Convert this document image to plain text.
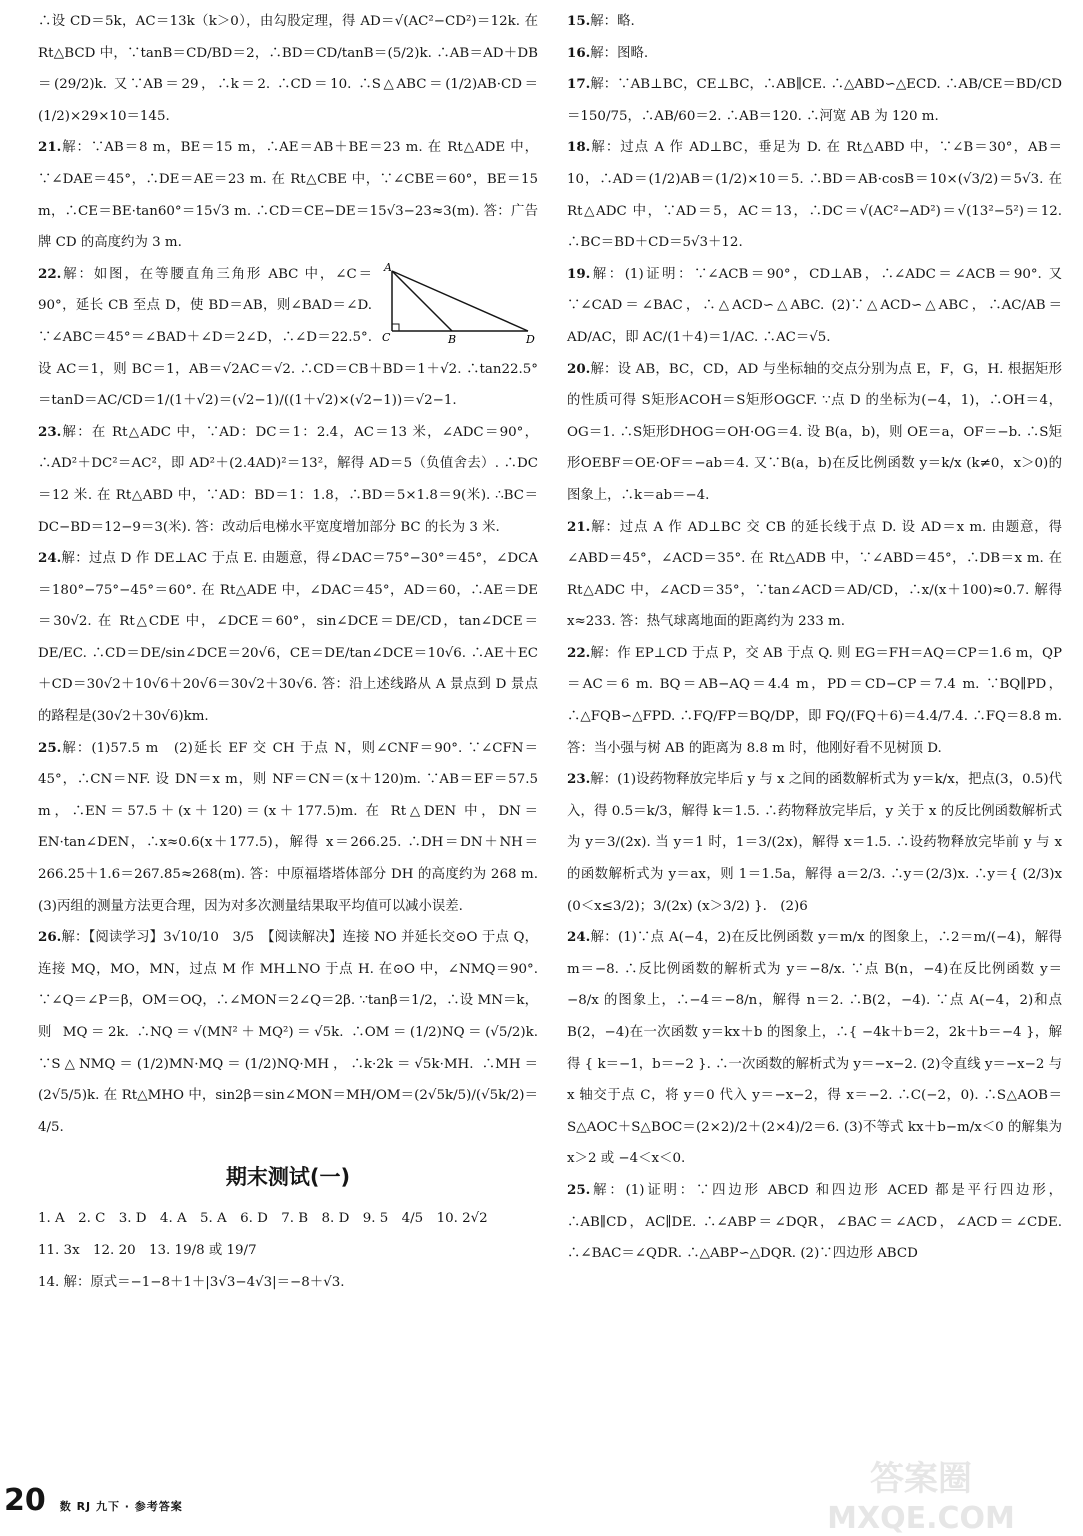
∴设 CD＝5k，AC＝13k（k＞0），由勾股定理，得 AD＝√(AC²−CD²)＝12k. 在 Rt△BCD 中，∵tanB＝CD/BD＝2，∴BD＝CD/tanB＝(5/2)k. ∴AB＝AD＋DB＝(29/2)k. 又∵AB＝29，∴k＝2. ∴CD＝10. ∴S△ABC＝(1/2)AB·CD＝(1/2)×29×10＝145.

21.解：∵AB＝8 m，BE＝15 m，∴AE＝AB＋BE＝23 m. 在 Rt△ADE 中，∵∠DAE＝45°，∴DE＝AE＝23 m. 在 Rt△CBE 中，∵∠CBE＝60°，BE＝15 m，∴CE＝BE·tan60°＝15√3 m. ∴CD＝CE−DE＝15√3−23≈3(m). 答：广告牌 CD 的高度约为 3 m.

A
C	B	D
22.解：如图，在等腰直角三角形 ABC 中，∠C＝90°，延长 CB 至点 D，使 BD＝AB，则∠BAD＝∠D. ∵∠ABC＝45°＝∠BAD＋∠D＝2∠D，∴∠D＝22.5°. 设 AC＝1，则 BC＝1，AB＝√2AC＝√2. ∴CD＝CB＋BD＝1＋√2. ∴tan22.5°＝tanD＝AC/CD＝1/(1＋√2)＝(√2−1)/((1＋√2)×(√2−1))＝√2−1.

23.解：在 Rt△ADC 中，∵AD：DC＝1：2.4，AC＝13 米，∠ADC＝90°，∴AD²＋DC²＝AC²，即 AD²＋(2.4AD)²＝13²，解得 AD＝5（负值舍去）. ∴DC＝12 米. 在 Rt△ABD 中，∵AD：BD＝1：1.8，∴BD＝5×1.8＝9(米). ∴BC＝DC−BD＝12−9＝3(米). 答：改动后电梯水平宽度增加部分 BC 的长为 3 米.

24.解：过点 D 作 DE⊥AC 于点 E. 由题意，得∠DAC＝75°−30°＝45°，∠DCA＝180°−75°−45°＝60°. 在 Rt△ADE 中，∠DAC＝45°，AD＝60，∴AE＝DE＝30√2. 在 Rt△CDE 中，∠DCE＝60°，sin∠DCE＝DE/CD，tan∠DCE＝DE/EC. ∴CD＝DE/sin∠DCE＝20√6，CE＝DE/tan∠DCE＝10√6. ∴AE＋EC＋CD＝30√2＋10√6＋20√6＝30√2＋30√6. 答：沿上述线路从 A 景点到 D 景点的路程是(30√2＋30√6)km.

25.解：(1)57.5 m　(2)延长 EF 交 CH 于点 N，则∠CNF＝90°. ∵∠CFN＝45°，∴CN＝NF. 设 DN＝x m，则 NF＝CN＝(x＋120)m. ∵AB＝EF＝57.5 m，∴EN＝57.5＋(x＋120)＝(x＋177.5)m. 在 Rt△DEN 中，DN＝EN·tan∠DEN，∴x≈0.6(x＋177.5)，解得 x＝266.25. ∴DH＝DN＋NH＝266.25＋1.6＝267.85≈268(m). 答：中原福塔塔体部分 DH 的高度约为 268 m. (3)丙组的测量方法更合理，因为对多次测量结果取平均值可以减小误差.

26.解：【阅读学习】3√10/10　3/5　【阅读解决】连接 NO 并延长交⊙O 于点 Q，连接 MQ，MO，MN，过点 M 作 MH⊥NO 于点 H. 在⊙O 中，∠NMQ＝90°. ∵∠Q＝∠P＝β，OM＝OQ，∴∠MON＝2∠Q＝2β. ∵tanβ＝1/2，∴设 MN＝k，则 MQ＝2k. ∴NQ＝√(MN²＋MQ²)＝√5k. ∴OM＝(1/2)NQ＝(√5/2)k. ∵S△NMQ＝(1/2)MN·MQ＝(1/2)NQ·MH，∴k·2k＝√5k·MH. ∴MH＝(2√5/5)k. 在 Rt△MHO 中，sin2β＝sin∠MON＝MH/OM＝(2√5k/5)/(√5k/2)＝4/5.

期末测试(一)

1. A　2. C　3. D　4. A　5. A　6. D　7. B　8. D　9. 5　4/5　10. 2√2

11. 3x　12. 20　13. 19/8 或 19/7

14. 解：原式＝−1−8＋1＋|3√3−4√3|＝−8＋√3.

15.解：略.

16.解：图略.

17.解：∵AB⊥BC，CE⊥BC，∴AB∥CE. ∴△ABD∽△ECD. ∴AB/CE＝BD/CD＝150/75，∴AB/60＝2. ∴AB＝120. ∴河宽 AB 为 120 m.

18.解：过点 A 作 AD⊥BC，垂足为 D. 在 Rt△ABD 中，∵∠B＝30°，AB＝10，∴AD＝(1/2)AB＝(1/2)×10＝5. ∴BD＝AB·cosB＝10×(√3/2)＝5√3. 在 Rt△ADC 中，∵AD＝5，AC＝13，∴DC＝√(AC²−AD²)＝√(13²−5²)＝12. ∴BC＝BD＋CD＝5√3＋12.

19.解：(1)证明：∵∠ACB＝90°，CD⊥AB，∴∠ADC＝∠ACB＝90°. 又∵∠CAD＝∠BAC，∴△ACD∽△ABC. (2)∵△ACD∽△ABC，∴AC/AB＝AD/AC，即 AC/(1＋4)＝1/AC. ∴AC＝√5.

20.解：设 AB，BC，CD，AD 与坐标轴的交点分别为点 E，F，G，H. 根据矩形的性质可得 S矩形ACOH＝S矩形OGCF. ∵点 D 的坐标为(−4，1)，∴OH＝4，OG＝1. ∴S矩形DHOG＝OH·OG＝4. 设 B(a，b)，则 OE＝a，OF＝−b. ∴S矩形OEBF＝OE·OF＝−ab＝4. 又∵B(a，b)在反比例函数 y＝k/x (k≠0，x＞0)的图象上，∴k＝ab＝−4.

21.解：过点 A 作 AD⊥BC 交 CB 的延长线于点 D. 设 AD＝x m. 由题意，得∠ABD＝45°，∠ACD＝35°. 在 Rt△ADB 中，∵∠ABD＝45°，∴DB＝x m. 在 Rt△ADC 中，∠ACD＝35°，∵tan∠ACD＝AD/CD，∴x/(x＋100)≈0.7. 解得 x≈233. 答：热气球离地面的距离约为 233 m.

22.解：作 EP⊥CD 于点 P，交 AB 于点 Q. 则 EG＝FH＝AQ＝CP＝1.6 m，QP＝AC＝6 m. BQ＝AB−AQ＝4.4 m，PD＝CD−CP＝7.4 m. ∵BQ∥PD，∴△FQB∽△FPD. ∴FQ/FP＝BQ/DP，即 FQ/(FQ＋6)＝4.4/7.4. ∴FQ＝8.8 m. 答：当小强与树 AB 的距离为 8.8 m 时，他刚好看不见树顶 D.

23.解：(1)设药物释放完毕后 y 与 x 之间的函数解析式为 y＝k/x，把点(3，0.5)代入，得 0.5＝k/3，解得 k＝1.5. ∴药物释放完毕后，y 关于 x 的反比例函数解析式为 y＝3/(2x). 当 y＝1 时，1＝3/(2x)，解得 x＝1.5. ∴设药物释放完毕前 y 与 x 的函数解析式为 y＝ax，则 1＝1.5a，解得 a＝2/3. ∴y＝(2/3)x. ∴y＝{ (2/3)x (0＜x≤3/2)；3/(2x) (x＞3/2) }.　(2)6

24.解：(1)∵点 A(−4，2)在反比例函数 y＝m/x 的图象上，∴2＝m/(−4)，解得 m＝−8. ∴反比例函数的解析式为 y＝−8/x. ∵点 B(n，−4)在反比例函数 y＝−8/x 的图象上，∴−4＝−8/n，解得 n＝2. ∴B(2，−4). ∵点 A(−4，2)和点 B(2，−4)在一次函数 y＝kx＋b 的图象上，∴{ −4k＋b＝2，2k＋b＝−4 }，解得 { k＝−1，b＝−2 }. ∴一次函数的解析式为 y＝−x−2. (2)令直线 y＝−x−2 与 x 轴交于点 C，将 y＝0 代入 y＝−x−2，得 x＝−2. ∴C(−2，0). ∴S△AOB＝S△AOC＋S△BOC＝(2×2)/2＋(2×4)/2＝6. (3)不等式 kx＋b−m/x＜0 的解集为 x＞2 或 −4＜x＜0.

25.解：(1)证明：∵四边形 ABCD 和四边形 ACED 都是平行四边形，∴AB∥CD，AC∥DE. ∴∠ABP＝∠DQR，∠BAC＝∠ACD，∠ACD＝∠CDE. ∴∠BAC＝∠QDR. ∴△ABP∽△DQR. (2)∵四边形 ABCD

20 数 RJ 九下 · 参考答案
答案圈
MXQE.COM
